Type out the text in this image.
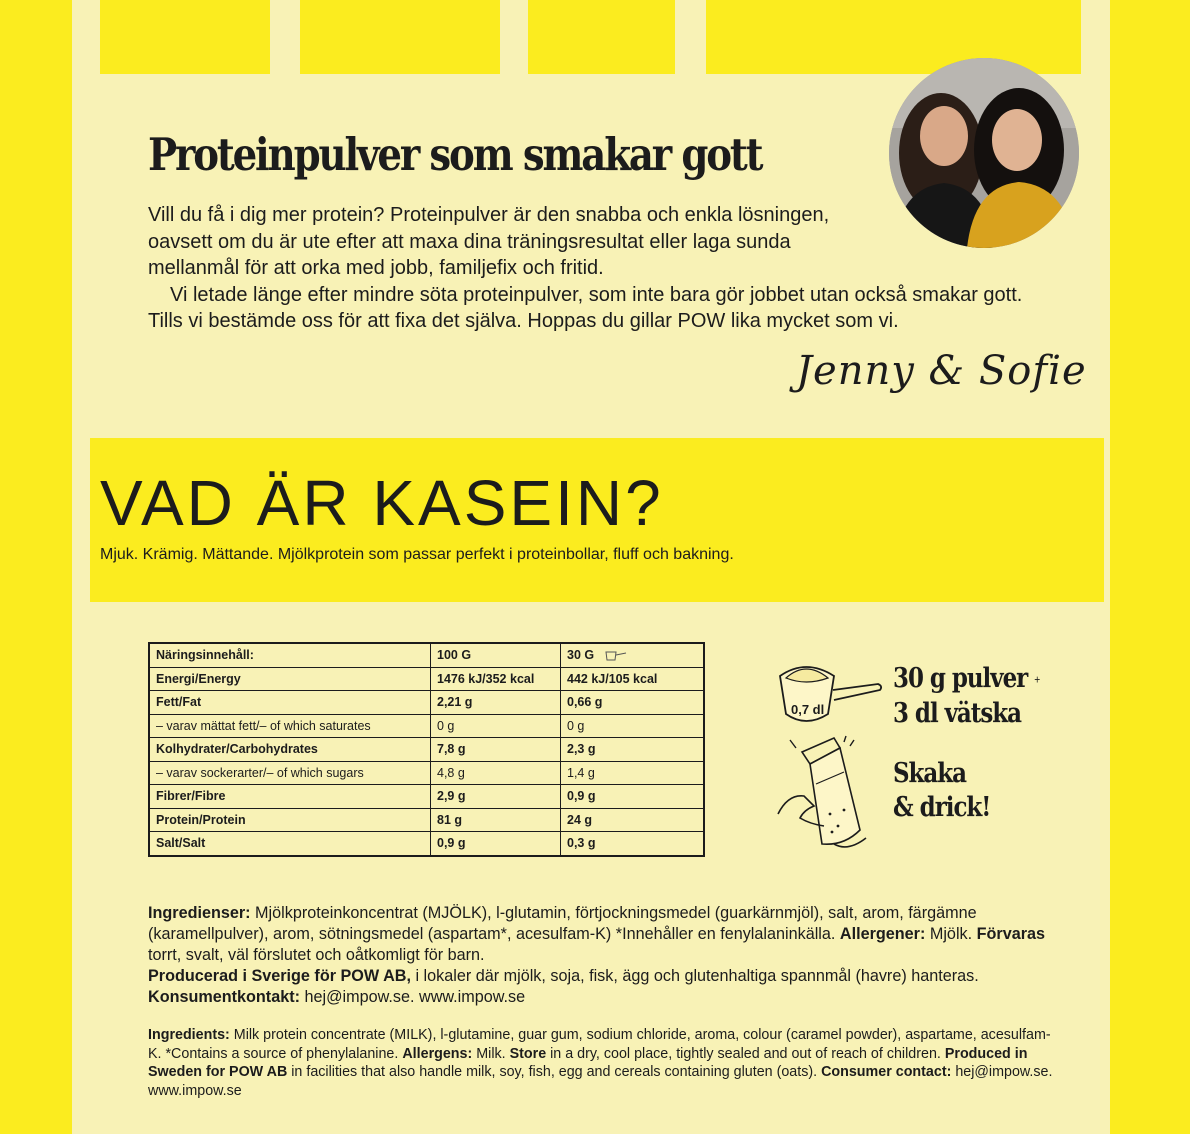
Proteinpulver som smakar gott

Vill du få i dig mer protein? Proteinpulver är den snabba och enkla lösningen, oavsett om du är ute efter att maxa dina träningsresultat eller laga sunda mellanmål för att orka med jobb, familjefix och fritid.

Vi letade länge efter mindre söta proteinpulver, som inte bara gör jobbet utan också smakar gott. Tills vi bestämde oss för att fixa det själva. Hoppas du gillar POW lika mycket som vi.

Jenny & Sofie
VAD ÄR KASEIN?
Mjuk. Krämig. Mättande. Mjölkprotein som passar perfekt i proteinbollar, fluff och bakning.
Näringsinnehåll:	100 G	30 G
Energi/Energy	1476 kJ/352 kcal	442 kJ/105 kcal
Fett/Fat	2,21 g	0,66 g
– varav mättat fett/– of which saturates	0 g	0 g
Kolhydrater/Carbohydrates	7,8 g	2,3 g
– varav sockerarter/– of which sugars	4,8 g	1,4 g
Fibrer/Fibre	2,9 g	0,9 g
Protein/Protein	81 g	24 g
Salt/Salt	0,9 g	0,3 g
0,7 dl
30 g pulver +
3 dl vätska
Skaka
& drick!

Ingredienser: Mjölkproteinkoncentrat (MJÖLK), l-glutamin, förtjockningsmedel (guarkärnmjöl), salt, arom, färgämne (karamellpulver), arom, sötningsmedel (aspartam*, acesulfam-K) *Innehåller en fenylalaninkälla. Allergener: Mjölk. Förvaras torrt, svalt, väl förslutet och oåtkomligt för barn.

Producerad i Sverige för POW AB, i lokaler där mjölk, soja, fisk, ägg och glutenhaltiga spannmål (havre) hanteras. Konsumentkontakt: hej@impow.se. www.impow.se

Ingredients: Milk protein concentrate (MILK), l-glutamine, guar gum, sodium chloride, aroma, colour (caramel powder), aspartame, acesulfam-K. *Contains a source of phenylalanine. Allergens: Milk. Store in a dry, cool place, tightly sealed and out of reach of children. Produced in Sweden for POW AB in facilities that also handle milk, soy, fish, egg and cereals containing gluten (oats). Consumer contact: hej@impow.se. www.impow.se
